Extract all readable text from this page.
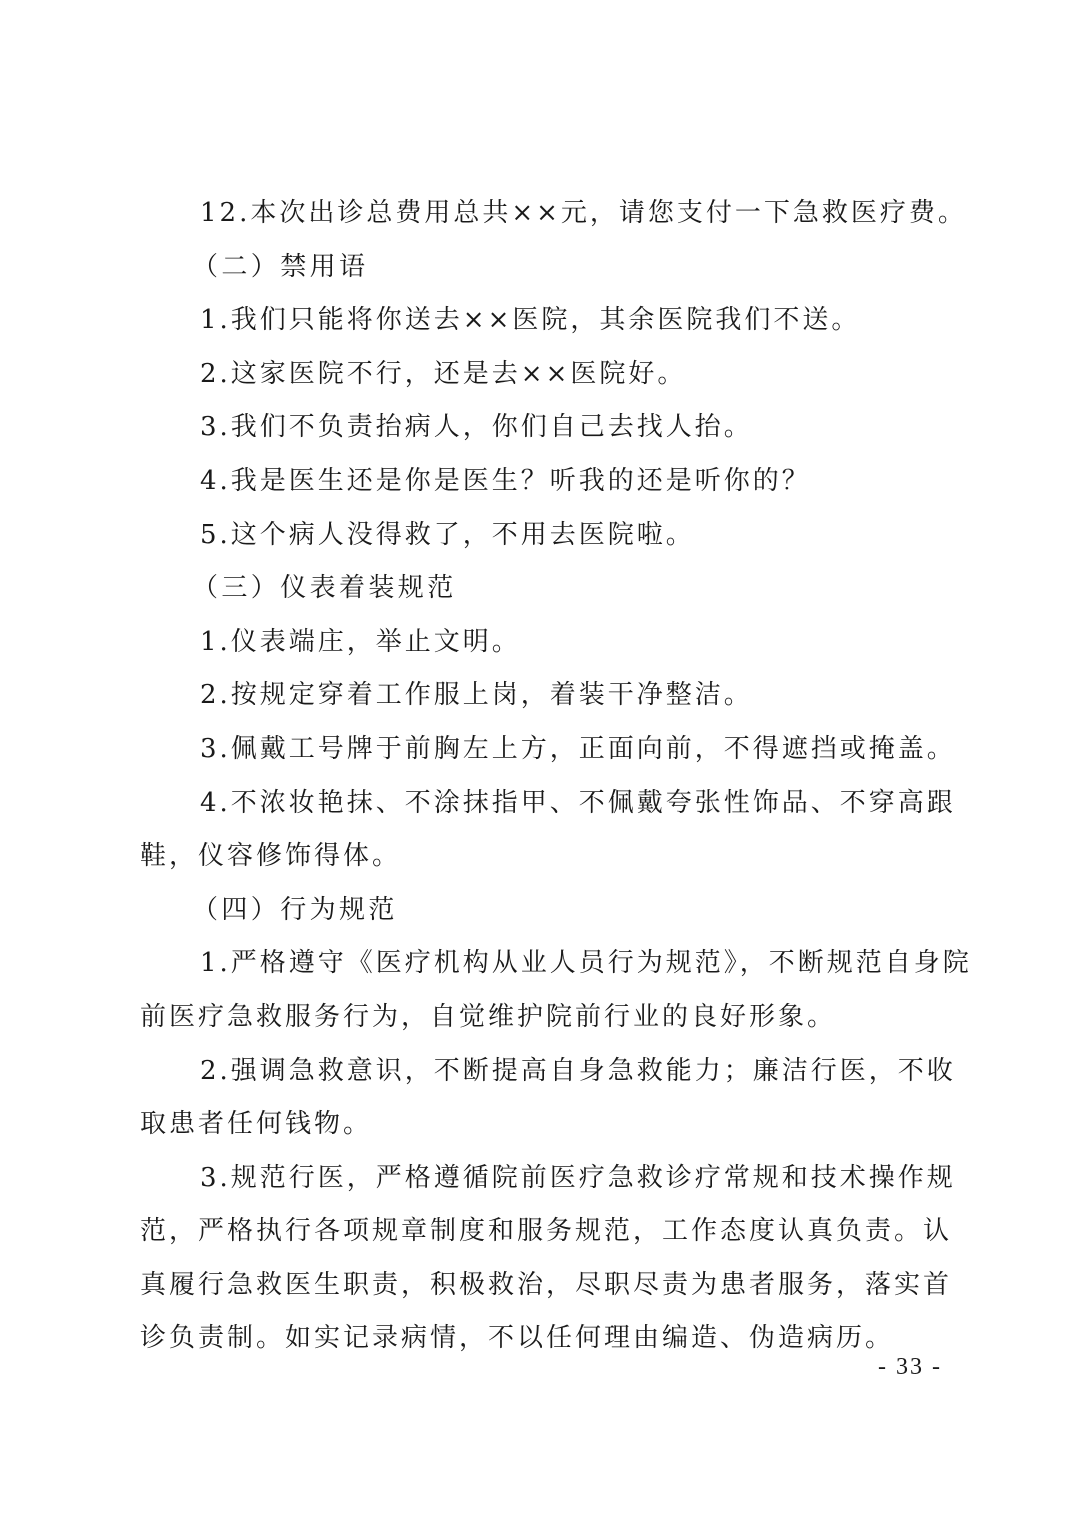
12.本次出诊总费用总共××元，请您支付一下急救医疗费。
（二）禁用语
1.我们只能将你送去××医院，其余医院我们不送。
2.这家医院不行，还是去××医院好。
3.我们不负责抬病人，你们自己去找人抬。
4.我是医生还是你是医生？听我的还是听你的？
5.这个病人没得救了，不用去医院啦。
（三）仪表着装规范
1.仪表端庄，举止文明。
2.按规定穿着工作服上岗，着装干净整洁。
3.佩戴工号牌于前胸左上方，正面向前，不得遮挡或掩盖。
4.不浓妆艳抹、不涂抹指甲、不佩戴夸张性饰品、不穿高跟
鞋，仪容修饰得体。
（四）行为规范
1.严格遵守《医疗机构从业人员行为规范》，不断规范自身院
前医疗急救服务行为，自觉维护院前行业的良好形象。
2.强调急救意识，不断提高自身急救能力；廉洁行医，不收
取患者任何钱物。
3.规范行医，严格遵循院前医疗急救诊疗常规和技术操作规
范，严格执行各项规章制度和服务规范，工作态度认真负责。认
真履行急救医生职责，积极救治，尽职尽责为患者服务，落实首
诊负责制。如实记录病情，不以任何理由编造、伪造病历。
- 33 -
